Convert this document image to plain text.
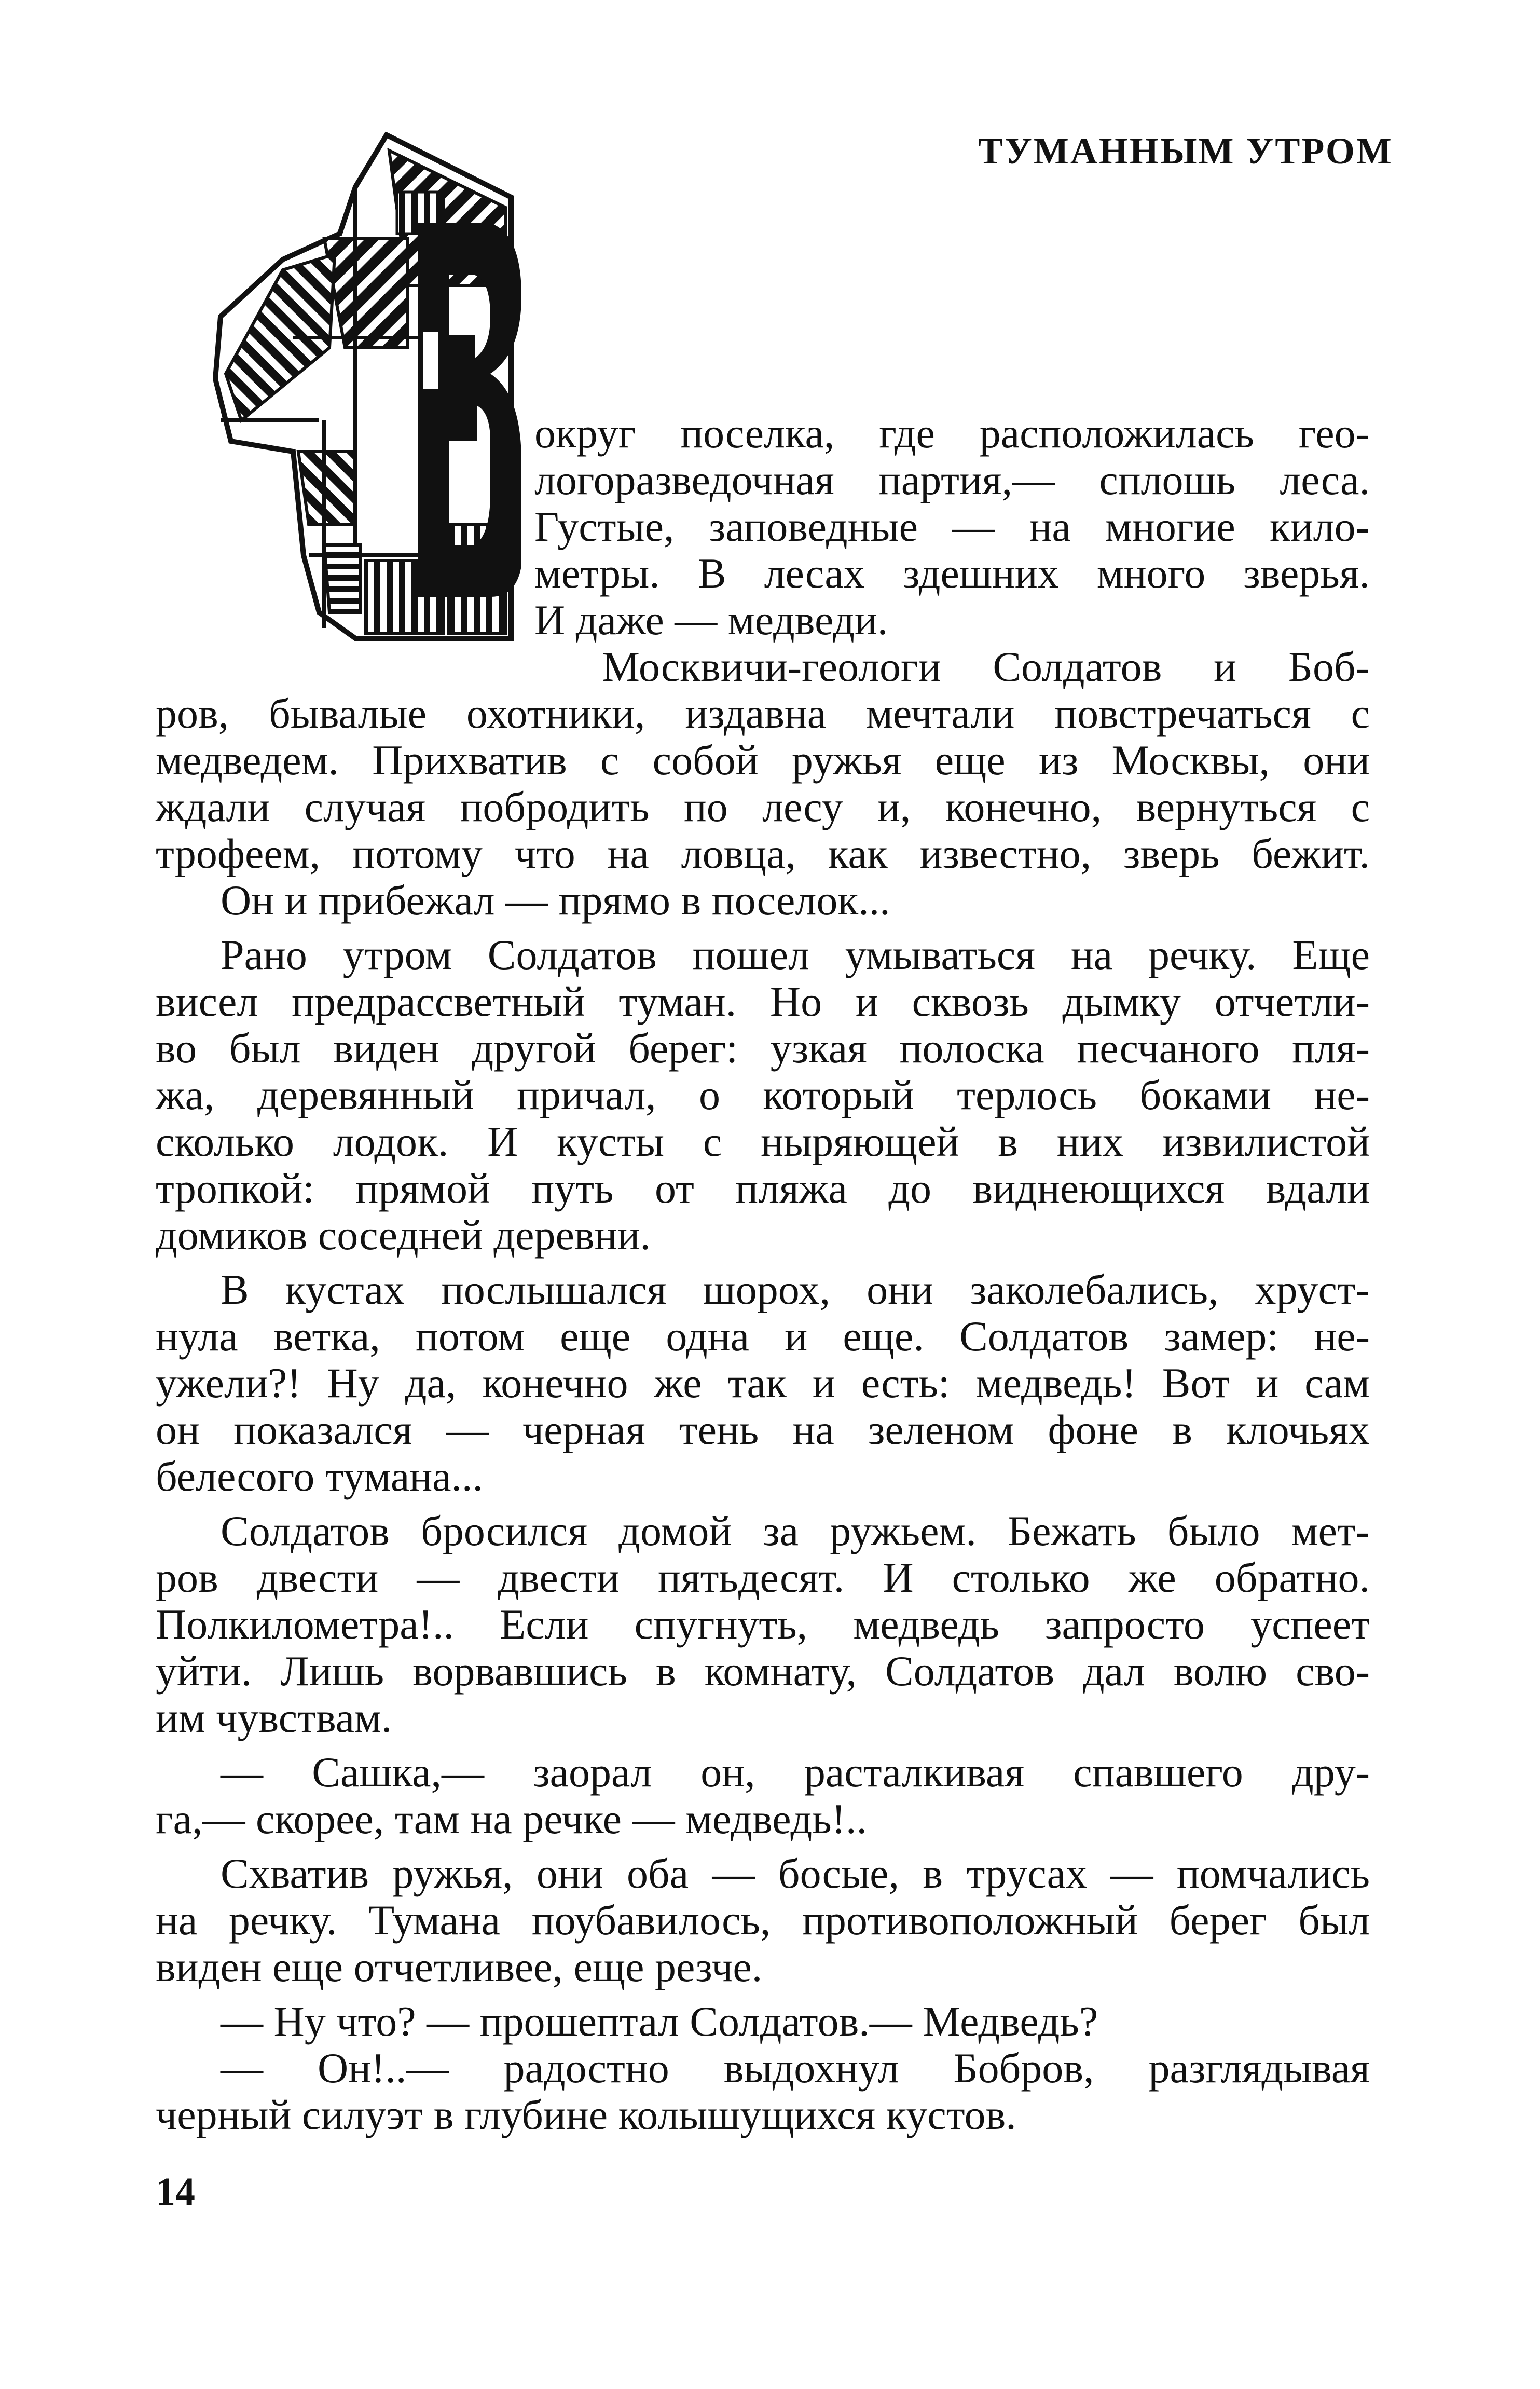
ТУМАННЫМ УТРОМ
округ поселка, где расположилась гео-
логоразведочная партия,— сплошь леса.
Густые, заповедные — на многие кило-
метры. В лесах здешних много зверья.
И даже — медведи.
Москвичи-геологи Солдатов и Боб-
ров, бывалые охотники, издавна мечтали повстречаться с
медведем. Прихватив с собой ружья еще из Москвы, они
ждали случая побродить по лесу и, конечно, вернуться с
трофеем, потому что на ловца, как известно, зверь бежит.
Он и прибежал — прямо в поселок...
Рано утром Солдатов пошел умываться на речку. Еще
висел предрассветный туман. Но и сквозь дымку отчетли-
во был виден другой берег: узкая полоска песчаного пля-
жа, деревянный причал, о который терлось боками не-
сколько лодок. И кусты с ныряющей в них извилистой
тропкой: прямой путь от пляжа до виднеющихся вдали
домиков соседней деревни.
В кустах послышался шорох, они заколебались, хруст-
нула ветка, потом еще одна и еще. Солдатов замер: не-
ужели?! Ну да, конечно же так и есть: медведь! Вот и сам
он показался — черная тень на зеленом фоне в клочьях
белесого тумана...
Солдатов бросился домой за ружьем. Бежать было мет-
ров двести — двести пятьдесят. И столько же обратно.
Полкилометра!.. Если спугнуть, медведь запросто успеет
уйти. Лишь ворвавшись в комнату, Солдатов дал волю сво-
им чувствам.
— Сашка,— заорал он, расталкивая спавшего дру-
га,— скорее, там на речке — медведь!..
Схватив ружья, они оба — босые, в трусах — помчались
на речку. Тумана поубавилось, противоположный берег был
виден еще отчетливее, еще резче.
— Ну что? — прошептал Солдатов.— Медведь?
— Он!..— радостно выдохнул Бобров, разглядывая
черный силуэт в глубине колышущихся кустов.
14
